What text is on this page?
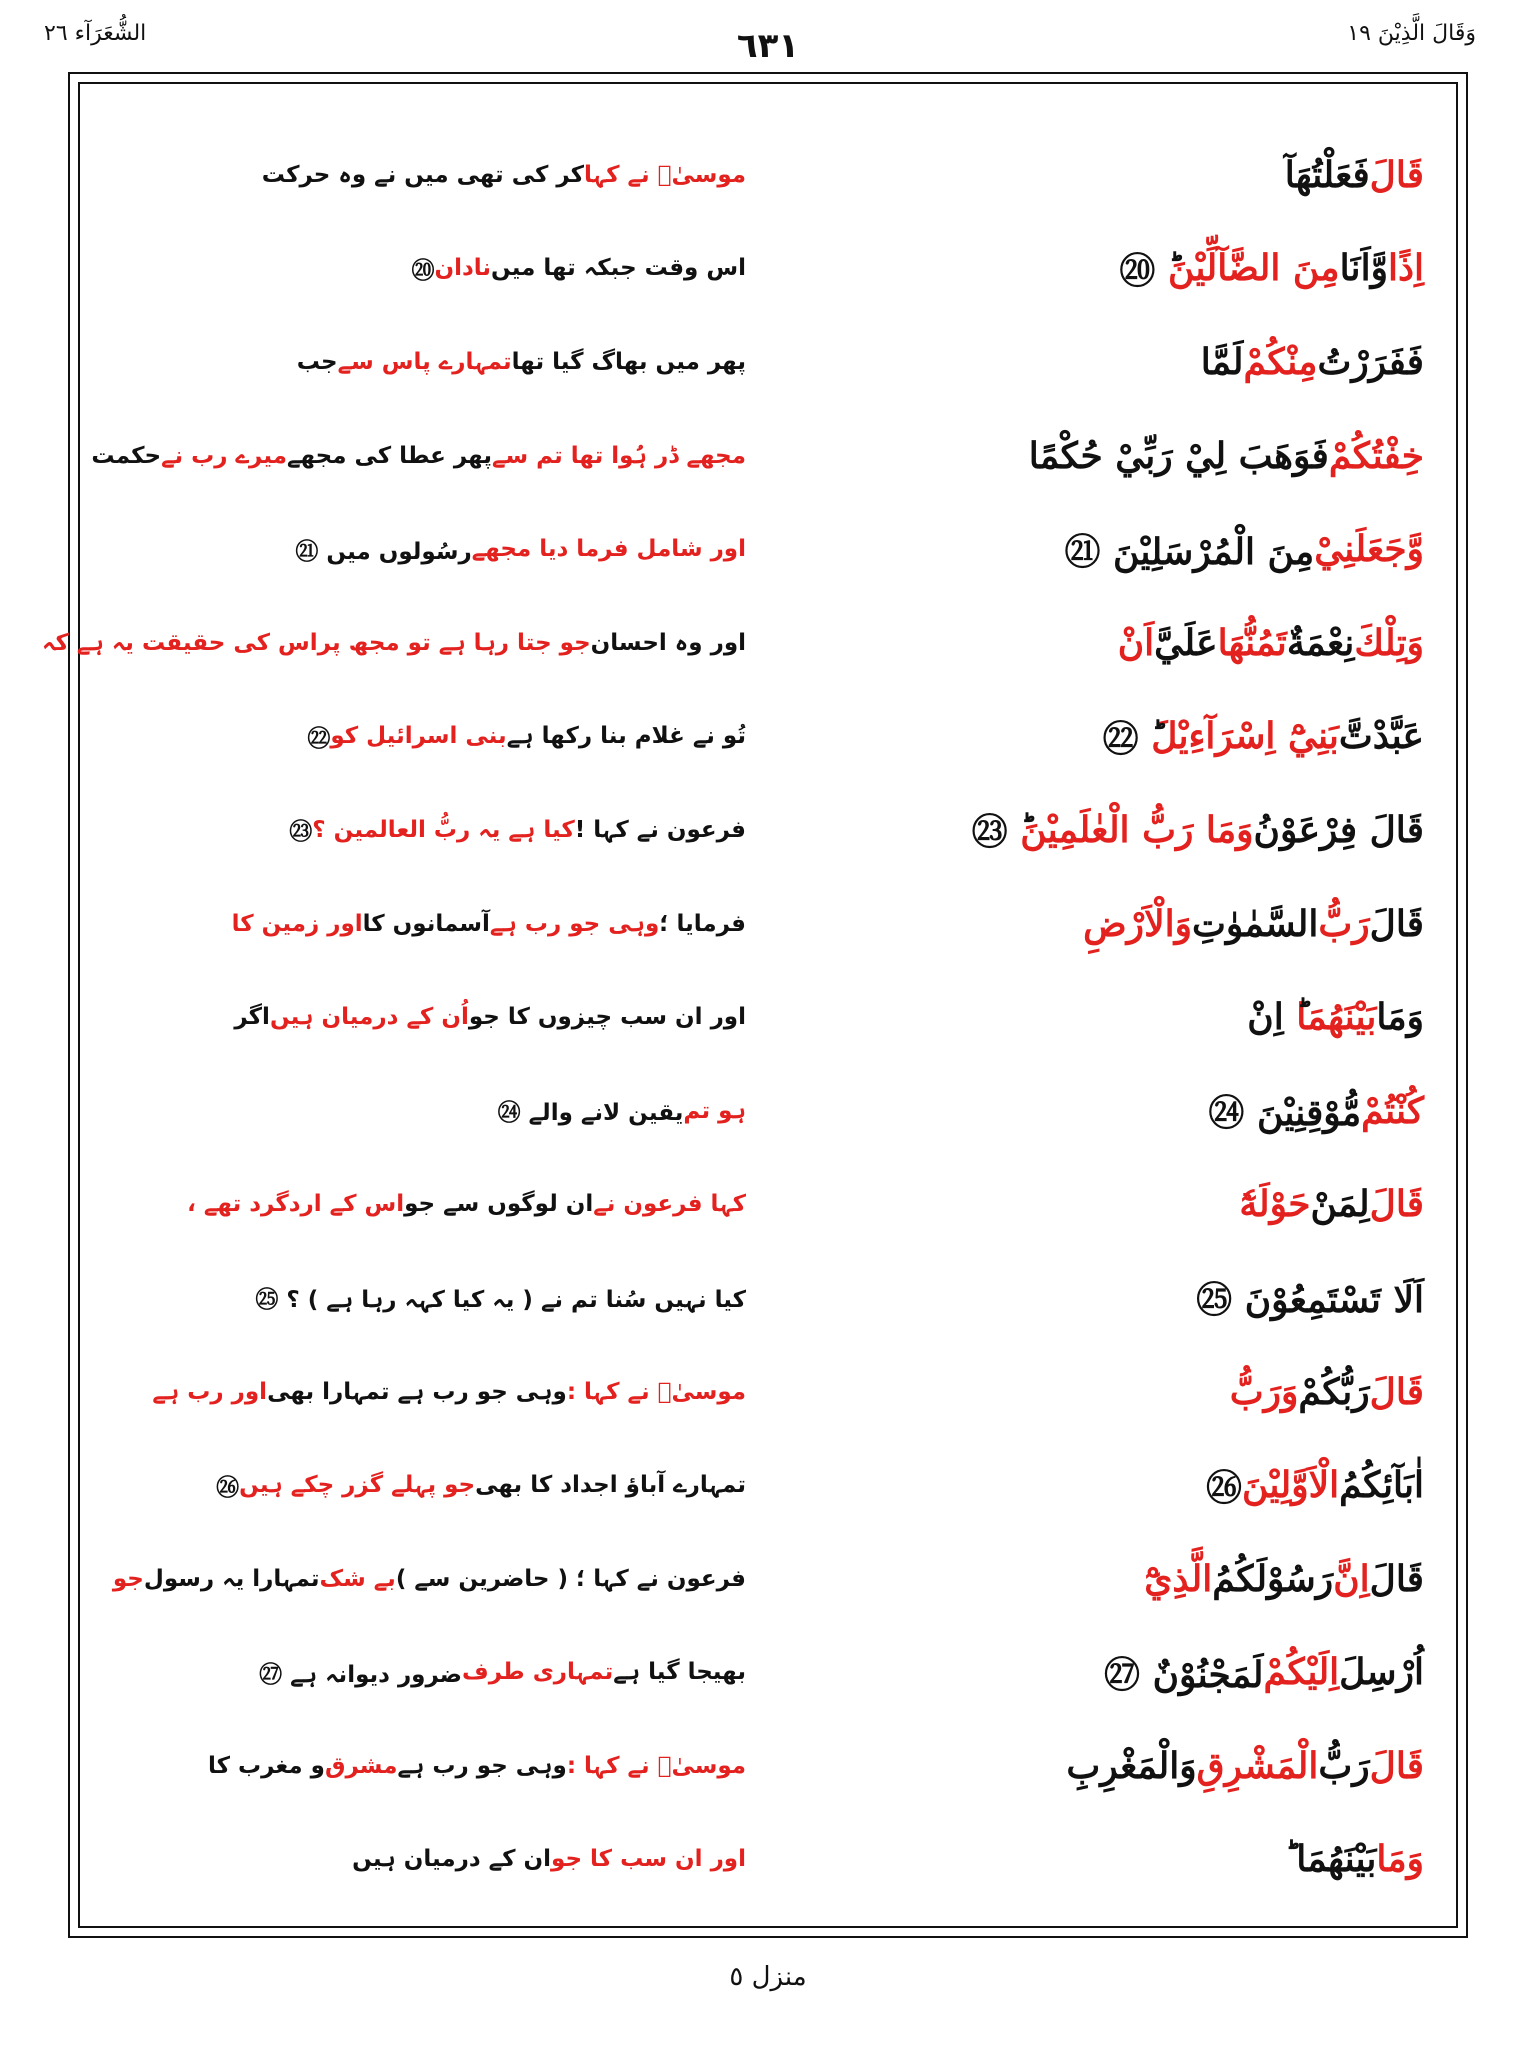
وَقَالَ الَّذِيْنَ ١٩
٦٣١
الشُّعَرَآء ٢٦
قَالَ
فَعَلْتُهَآ
اِذًا
وَّاَنَا
مِنَ الضَّآلِّيْنَ
ؕ ⑳
فَفَرَرْتُ
مِنْكُمْ
لَمَّا
خِفْتُكُمْ
فَوَهَبَ لِيْ رَبِّيْ حُكْمًا
وَّجَعَلَنِيْ
مِنَ الْمُرْسَلِيْنَ ㉑
وَتِلْكَ
نِعْمَةٌ
تَمُنُّهَا
عَلَيَّ
اَنْ
عَبَّدْتَّ
بَنِيْٓ اِسْرَآءِيْلَ
ؕ ㉒
قَالَ فِرْعَوْنُ
وَمَا رَبُّ الْعٰلَمِيْنَ
ؕ ㉓
قَالَ
رَبُّ
السَّمٰوٰتِ
وَالْاَرْضِ
وَمَا
بَيْنَهُمَا
ؕ اِنْ
كُنْتُمْ
مُّوْقِنِيْنَ ㉔
قَالَ
لِمَنْ
حَوْلَهٗٓ
اَلَا تَسْتَمِعُوْنَ ㉕
قَالَ
رَبُّكُمْ
وَرَبُّ
اٰبَآئِكُمُ
الْاَوَّلِيْنَ
㉖
قَالَ
اِنَّ
رَسُوْلَكُمُ
الَّذِيْٓ
اُرْسِلَ
اِلَيْكُمْ
لَمَجْنُوْنٌ ㉗
قَالَ
رَبُّ
الْمَشْرِقِ
وَالْمَغْرِبِ
وَمَا
بَيْنَهُمَا ؕ
موسیٰؑ نے کہا
کر کی تھی میں نے وہ حرکت
اس وقت جبکہ تھا میں
نادان
⑳
پھر میں بھاگ گیا تھا
تمہارے پاس سے
جب
مجھے ڈر ہُوا تھا تم سے
پھر عطا کی مجھے
میرے رب نے
حکمت
اور شامل فرما دیا مجھے
رسُولوں میں ㉑
اور وہ احسان
جو جتا رہا ہے تو مجھ پر
اس کی حقیقت یہ ہے کہ
تُو نے غلام بنا رکھا ہے
بنی اسرائیل کو
㉒
فرعون نے کہا !
کیا ہے یہ ربُّ العالمین ؟
㉓
فرمایا ؛
وہی جو رب ہے
آسمانوں کا
اور زمین کا
اور ان سب چیزوں کا جو
اُن کے درمیان ہیں
اگر
ہو تم
یقین لانے والے ㉔
کہا فرعون نے
ان لوگوں سے جو
اس کے اردگرد تھے ،
کیا نہیں سُنا تم نے ( یہ کیا کہہ رہا ہے ) ؟ ㉕
موسیٰؑ نے کہا :
وہی جو رب ہے تمہارا بھی
اور رب ہے
تمہارے آباؤ اجداد کا بھی
جو پہلے گزر چکے ہیں
㉖
فرعون نے کہا ؛ ( حاضرین سے )
بے شک
تمہارا یہ رسول
جو
بھیجا گیا ہے
تمہاری طرف
ضرور دیوانہ ہے ㉗
موسیٰؑ نے کہا :
وہی جو رب ہے
مشرق
و مغرب کا
اور ان سب کا جو
ان کے درمیان ہیں
منزل ٥
